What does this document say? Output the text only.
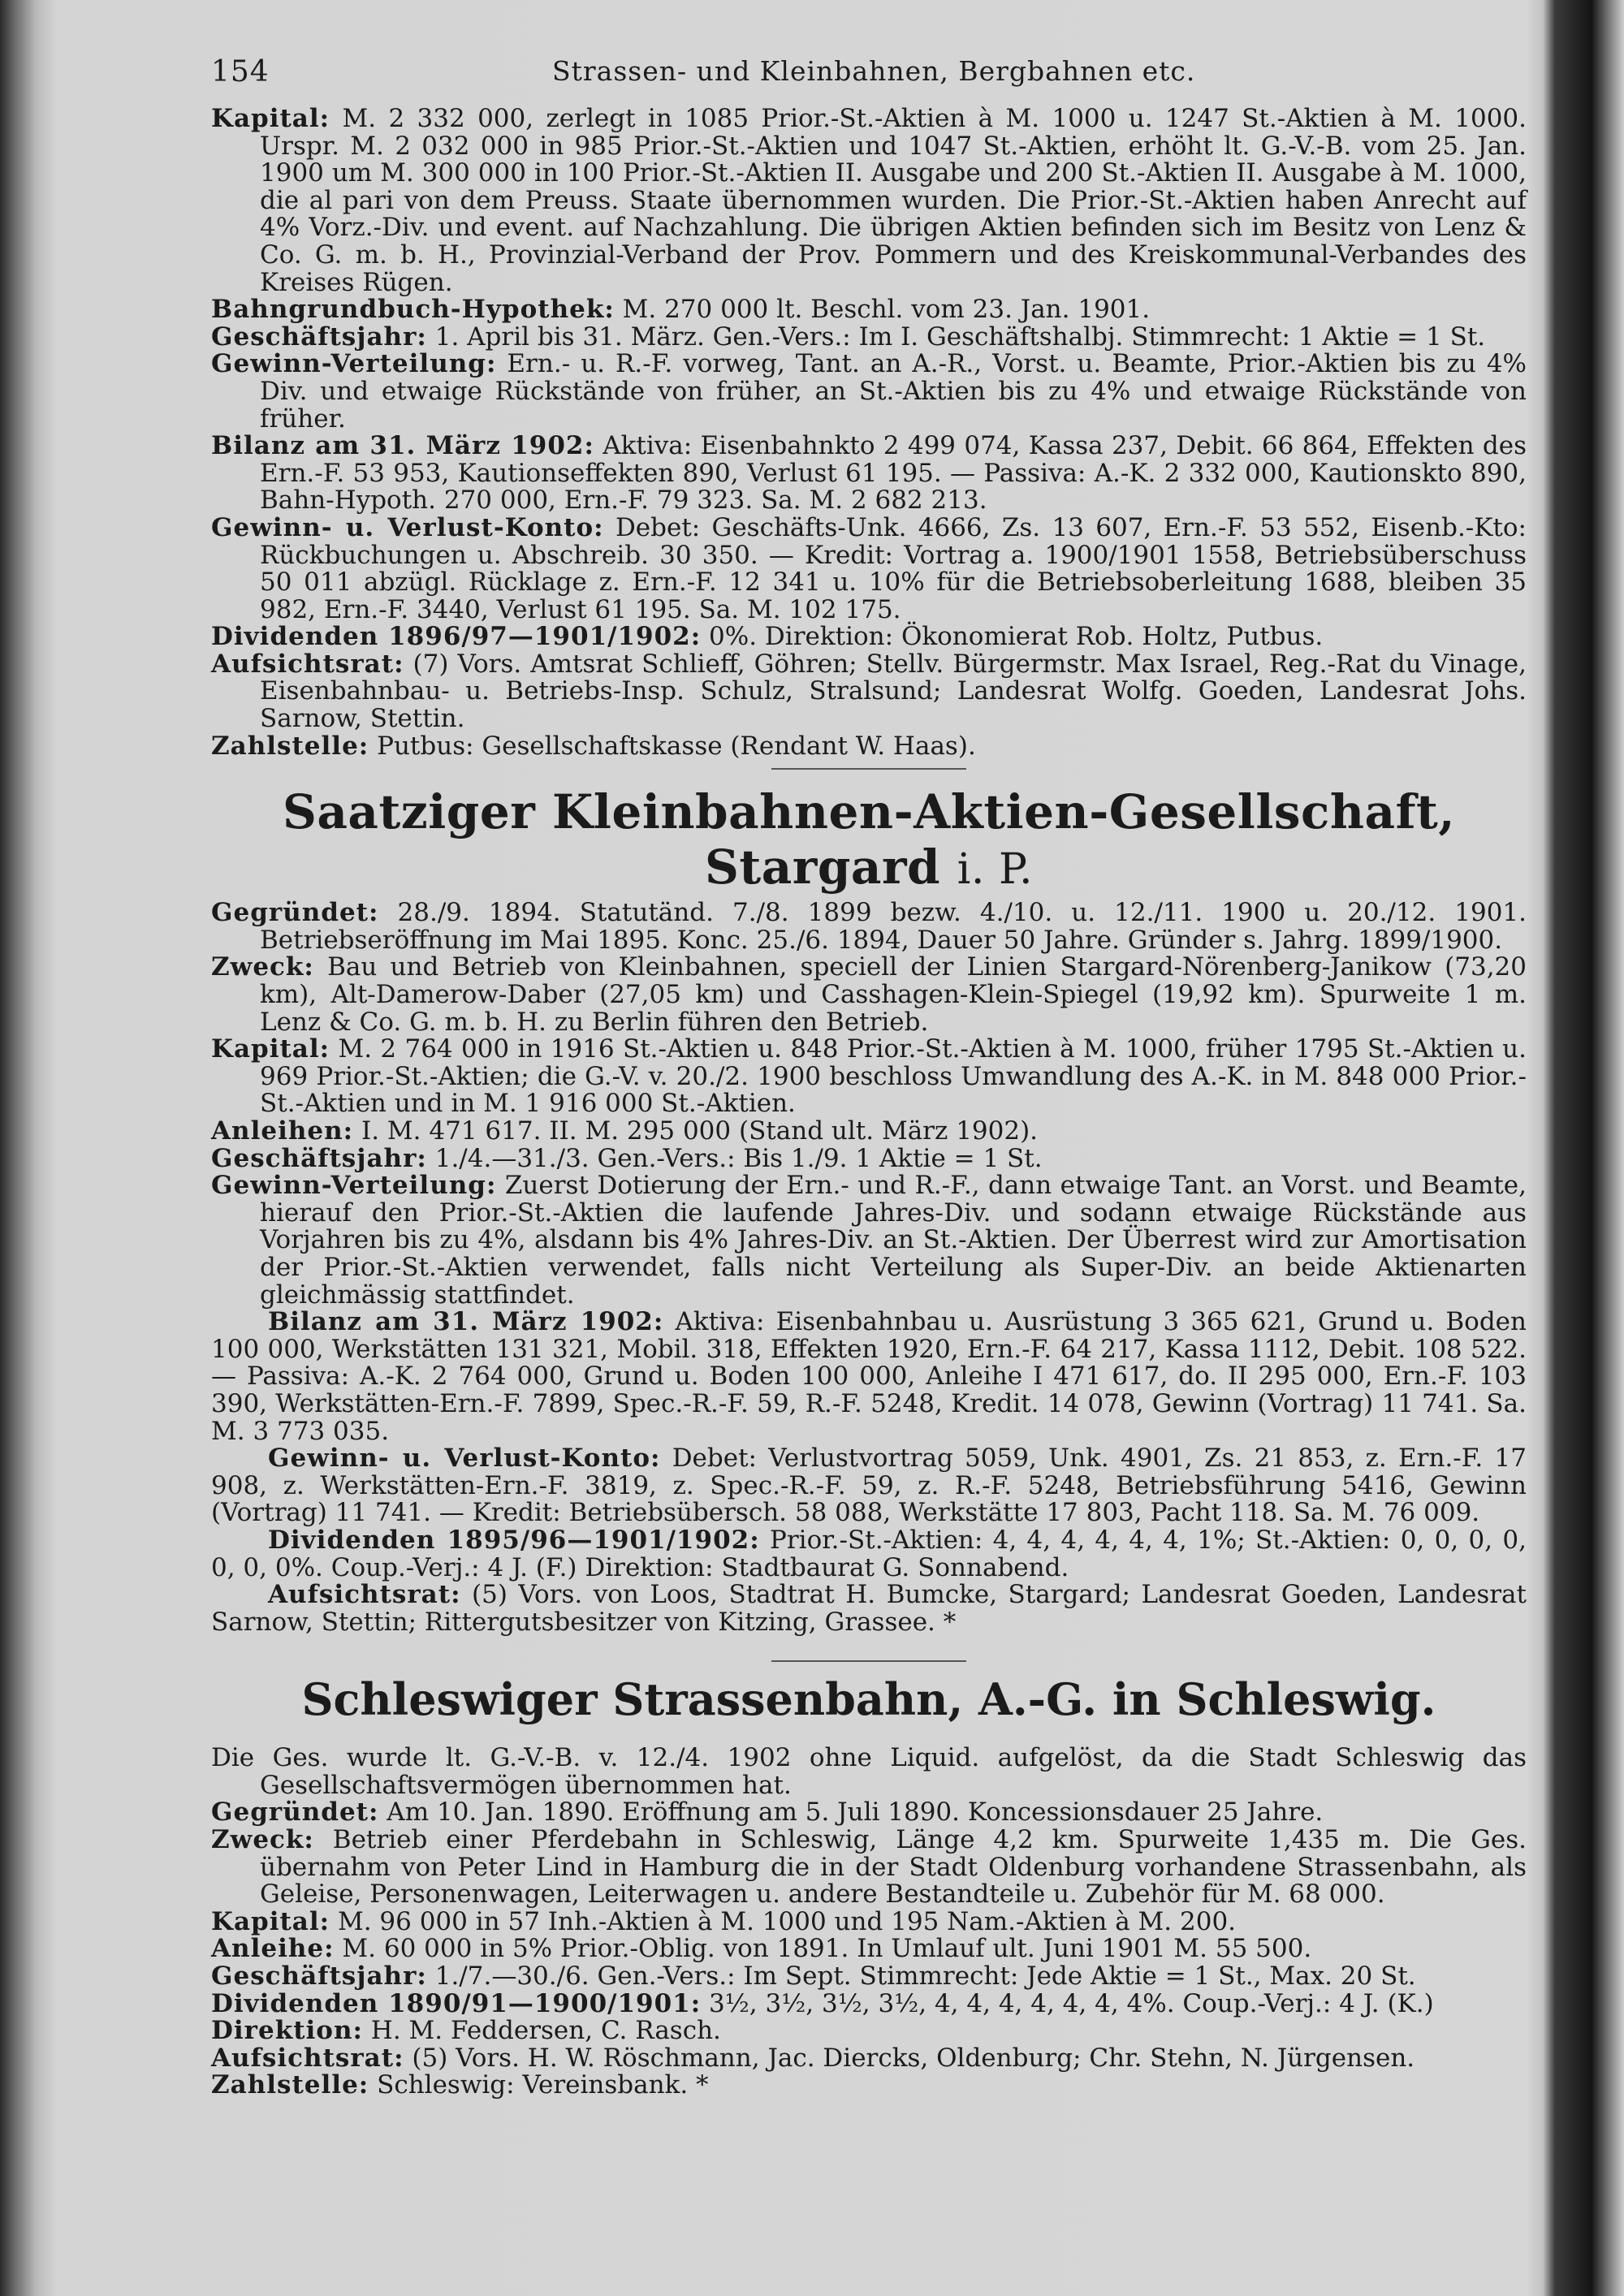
154	Strassen- und Kleinbahnen, Bergbahnen etc.

Kapital: M. 2 332 000, zerlegt in 1085 Prior.-St.-Aktien à M. 1000 u. 1247 St.-Aktien à M. 1000. Urspr. M. 2 032 000 in 985 Prior.-St.-Aktien und 1047 St.-Aktien, erhöht lt. G.-V.-B. vom 25. Jan. 1900 um M. 300 000 in 100 Prior.-St.-Aktien II. Ausgabe und 200 St.-Aktien II. Ausgabe à M. 1000, die al pari von dem Preuss. Staate übernommen wurden. Die Prior.-St.-Aktien haben Anrecht auf 4% Vorz.-Div. und event. auf Nachzahlung. Die übrigen Aktien befinden sich im Besitz von Lenz & Co. G. m. b. H., Provinzial-Verband der Prov. Pommern und des Kreiskommunal-Verbandes des Kreises Rügen.

Bahngrundbuch-Hypothek: M. 270 000 lt. Beschl. vom 23. Jan. 1901.

Geschäftsjahr: 1. April bis 31. März. Gen.-Vers.: Im I. Geschäftshalbj. Stimmrecht: 1 Aktie = 1 St.

Gewinn-Verteilung: Ern.- u. R.-F. vorweg, Tant. an A.-R., Vorst. u. Beamte, Prior.-Aktien bis zu 4% Div. und etwaige Rückstände von früher, an St.-Aktien bis zu 4% und etwaige Rückstände von früher.

Bilanz am 31. März 1902: Aktiva: Eisenbahnkto 2 499 074, Kassa 237, Debit. 66 864, Effekten des Ern.-F. 53 953, Kautionseffekten 890, Verlust 61 195. — Passiva: A.-K. 2 332 000, Kautionskto 890, Bahn-Hypoth. 270 000, Ern.-F. 79 323. Sa. M. 2 682 213.

Gewinn- u. Verlust-Konto: Debet: Geschäfts-Unk. 4666, Zs. 13 607, Ern.-F. 53 552, Eisenb.-Kto: Rückbuchungen u. Abschreib. 30 350. — Kredit: Vortrag a. 1900/1901 1558, Betriebsüberschuss 50 011 abzügl. Rücklage z. Ern.-F. 12 341 u. 10% für die Betriebsoberleitung 1688, bleiben 35 982, Ern.-F. 3440, Verlust 61 195. Sa. M. 102 175.

Dividenden 1896/97—1901/1902: 0%. Direktion: Ökonomierat Rob. Holtz, Putbus.

Aufsichtsrat: (7) Vors. Amtsrat Schlieff, Göhren; Stellv. Bürgermstr. Max Israel, Reg.-Rat du Vinage, Eisenbahnbau- u. Betriebs-Insp. Schulz, Stralsund; Landesrat Wolfg. Goeden, Landesrat Johs. Sarnow, Stettin.

Zahlstelle: Putbus: Gesellschaftskasse (Rendant W. Haas).

Saatziger Kleinbahnen-Aktien-Gesellschaft, Stargard i. P.

Gegründet: 28./9. 1894. Statutänd. 7./8. 1899 bezw. 4./10. u. 12./11. 1900 u. 20./12. 1901. Betriebseröffnung im Mai 1895. Konc. 25./6. 1894, Dauer 50 Jahre. Gründer s. Jahrg. 1899/1900.

Zweck: Bau und Betrieb von Kleinbahnen, speciell der Linien Stargard-Nörenberg-Janikow (73,20 km), Alt-Damerow-Daber (27,05 km) und Casshagen-Klein-Spiegel (19,92 km). Spurweite 1 m. Lenz & Co. G. m. b. H. zu Berlin führen den Betrieb.

Kapital: M. 2 764 000 in 1916 St.-Aktien u. 848 Prior.-St.-Aktien à M. 1000, früher 1795 St.-Aktien u. 969 Prior.-St.-Aktien; die G.-V. v. 20./2. 1900 beschloss Umwandlung des A.-K. in M. 848 000 Prior.-St.-Aktien und in M. 1 916 000 St.-Aktien.

Anleihen: I. M. 471 617. II. M. 295 000 (Stand ult. März 1902).

Geschäftsjahr: 1./4.—31./3. Gen.-Vers.: Bis 1./9. 1 Aktie = 1 St.

Gewinn-Verteilung: Zuerst Dotierung der Ern.- und R.-F., dann etwaige Tant. an Vorst. und Beamte, hierauf den Prior.-St.-Aktien die laufende Jahres-Div. und sodann etwaige Rückstände aus Vorjahren bis zu 4%, alsdann bis 4% Jahres-Div. an St.-Aktien. Der Überrest wird zur Amortisation der Prior.-St.-Aktien verwendet, falls nicht Verteilung als Super-Div. an beide Aktienarten gleichmässig stattfindet.

Bilanz am 31. März 1902: Aktiva: Eisenbahnbau u. Ausrüstung 3 365 621, Grund u. Boden 100 000, Werkstätten 131 321, Mobil. 318, Effekten 1920, Ern.-F. 64 217, Kassa 1112, Debit. 108 522. — Passiva: A.-K. 2 764 000, Grund u. Boden 100 000, Anleihe I 471 617, do. II 295 000, Ern.-F. 103 390, Werkstätten-Ern.-F. 7899, Spec.-R.-F. 59, R.-F. 5248, Kredit. 14 078, Gewinn (Vortrag) 11 741. Sa. M. 3 773 035.

Gewinn- u. Verlust-Konto: Debet: Verlustvortrag 5059, Unk. 4901, Zs. 21 853, z. Ern.-F. 17 908, z. Werkstätten-Ern.-F. 3819, z. Spec.-R.-F. 59, z. R.-F. 5248, Betriebsführung 5416, Gewinn (Vortrag) 11 741. — Kredit: Betriebsübersch. 58 088, Werkstätte 17 803, Pacht 118. Sa. M. 76 009.

Dividenden 1895/96—1901/1902: Prior.-St.-Aktien: 4, 4, 4, 4, 4, 4, 1%; St.-Aktien: 0, 0, 0, 0, 0, 0, 0%. Coup.-Verj.: 4 J. (F.) Direktion: Stadtbaurat G. Sonnabend.

Aufsichtsrat: (5) Vors. von Loos, Stadtrat H. Bumcke, Stargard; Landesrat Goeden, Landesrat Sarnow, Stettin; Rittergutsbesitzer von Kitzing, Grassee. *

Schleswiger Strassenbahn, A.-G. in Schleswig.

Die Ges. wurde lt. G.-V.-B. v. 12./4. 1902 ohne Liquid. aufgelöst, da die Stadt Schleswig das Gesellschaftsvermögen übernommen hat.

Gegründet: Am 10. Jan. 1890. Eröffnung am 5. Juli 1890. Koncessionsdauer 25 Jahre.

Zweck: Betrieb einer Pferdebahn in Schleswig, Länge 4,2 km. Spurweite 1,435 m. Die Ges. übernahm von Peter Lind in Hamburg die in der Stadt Oldenburg vorhandene Strassenbahn, als Geleise, Personenwagen, Leiterwagen u. andere Bestandteile u. Zubehör für M. 68 000.

Kapital: M. 96 000 in 57 Inh.-Aktien à M. 1000 und 195 Nam.-Aktien à M. 200.

Anleihe: M. 60 000 in 5% Prior.-Oblig. von 1891. In Umlauf ult. Juni 1901 M. 55 500.

Geschäftsjahr: 1./7.—30./6. Gen.-Vers.: Im Sept. Stimmrecht: Jede Aktie = 1 St., Max. 20 St.

Dividenden 1890/91—1900/1901: 3½, 3½, 3½, 3½, 4, 4, 4, 4, 4, 4, 4%. Coup.-Verj.: 4 J. (K.)

Direktion: H. M. Feddersen, C. Rasch.

Aufsichtsrat: (5) Vors. H. W. Röschmann, Jac. Diercks, Oldenburg; Chr. Stehn, N. Jürgensen.

Zahlstelle: Schleswig: Vereinsbank. *
